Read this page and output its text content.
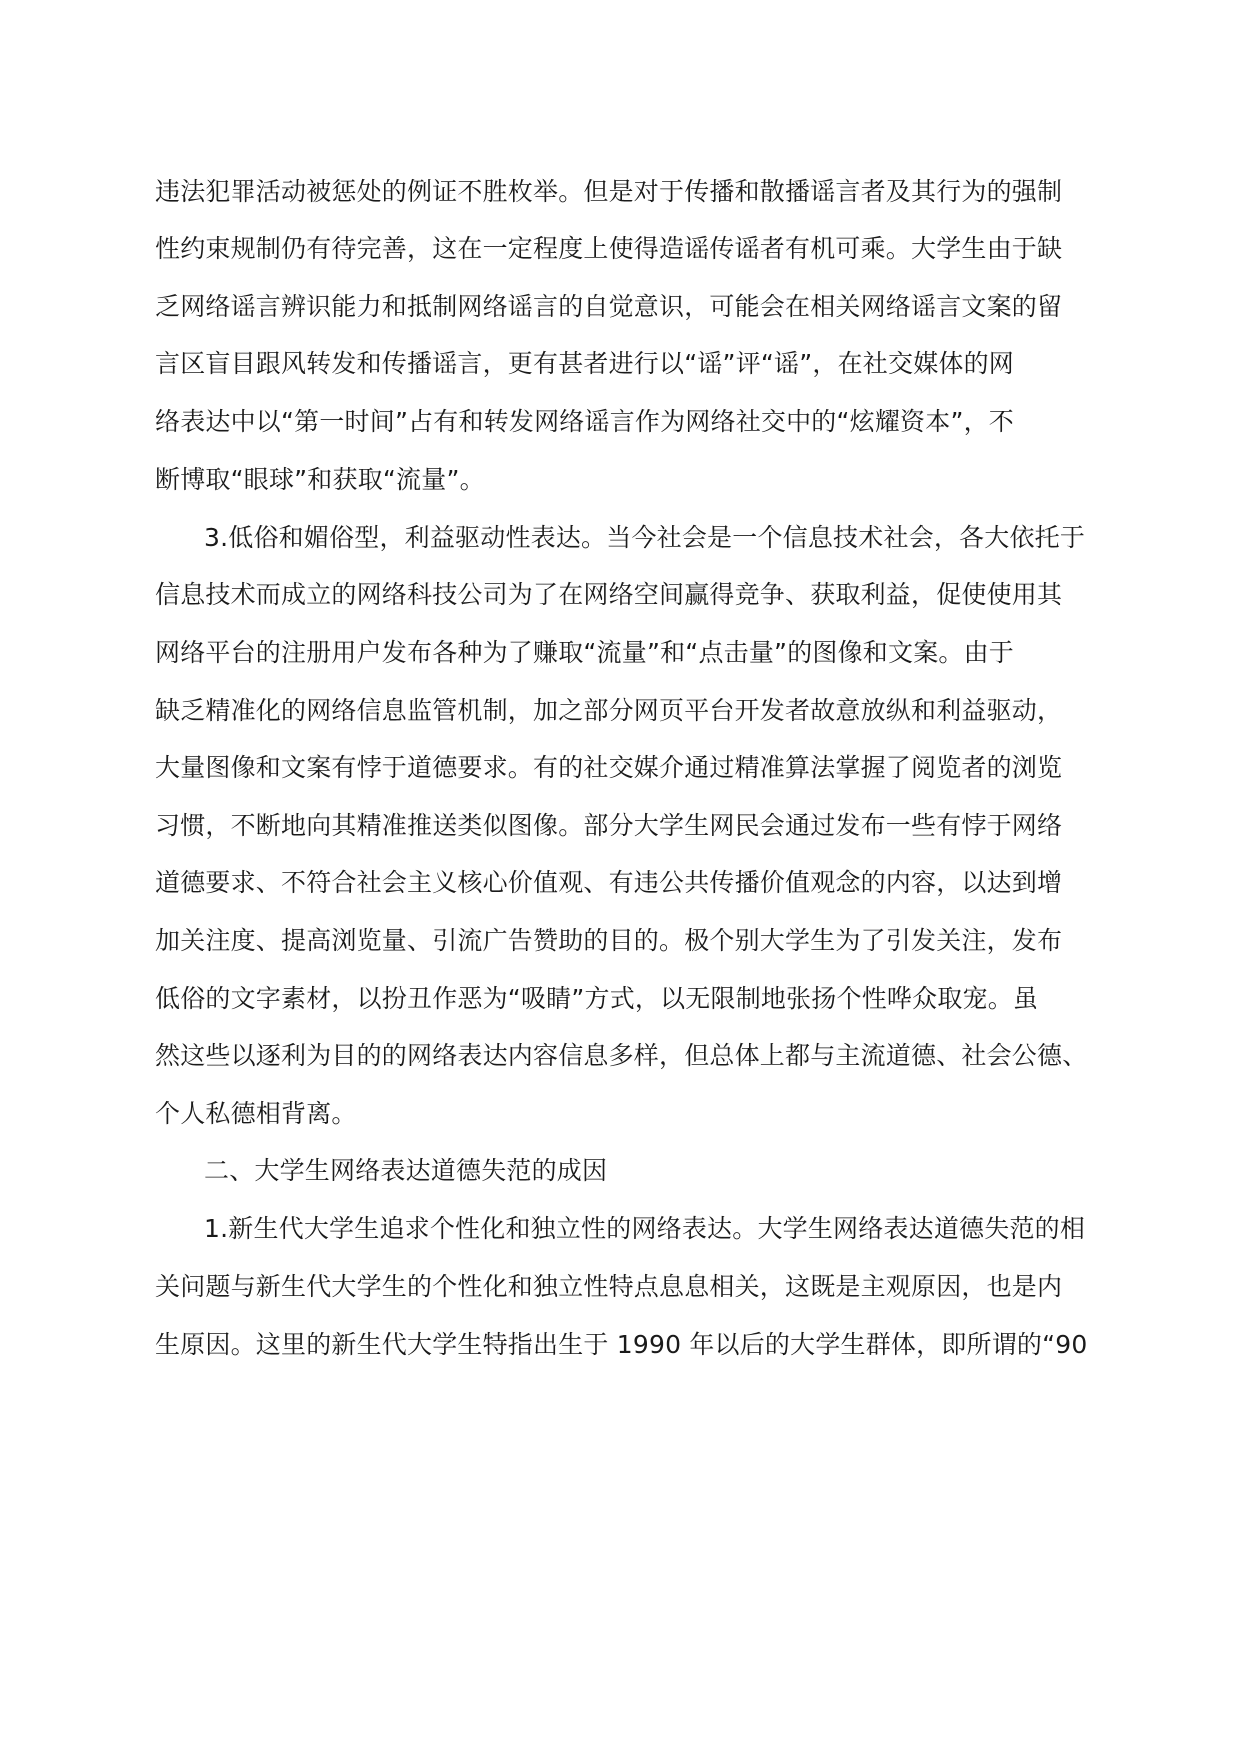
违法犯罪活动被惩处的例证不胜枚举。但是对于传播和散播谣言者及其行为的强制
性约束规制仍有待完善，这在一定程度上使得造谣传谣者有机可乘。大学生由于缺
乏网络谣言辨识能力和抵制网络谣言的自觉意识，可能会在相关网络谣言文案的留
言区盲目跟风转发和传播谣言，更有甚者进行以“谣”评“谣”，在社交媒体的网
络表达中以“第一时间”占有和转发网络谣言作为网络社交中的“炫耀资本”，不
断博取“眼球”和获取“流量”。
3.低俗和媚俗型，利益驱动性表达。当今社会是一个信息技术社会，各大依托于
信息技术而成立的网络科技公司为了在网络空间赢得竞争、获取利益，促使使用其
网络平台的注册用户发布各种为了赚取“流量”和“点击量”的图像和文案。由于
缺乏精准化的网络信息监管机制，加之部分网页平台开发者故意放纵和利益驱动，
大量图像和文案有悖于道德要求。有的社交媒介通过精准算法掌握了阅览者的浏览
习惯，不断地向其精准推送类似图像。部分大学生网民会通过发布一些有悖于网络
道德要求、不符合社会主义核心价值观、有违公共传播价值观念的内容，以达到增
加关注度、提高浏览量、引流广告赞助的目的。极个别大学生为了引发关注，发布
低俗的文字素材，以扮丑作恶为“吸睛”方式，以无限制地张扬个性哗众取宠。虽
然这些以逐利为目的的网络表达内容信息多样，但总体上都与主流道德、社会公德、
个人私德相背离。
二、大学生网络表达道德失范的成因
1.新生代大学生追求个性化和独立性的网络表达。大学生网络表达道德失范的相
关问题与新生代大学生的个性化和独立性特点息息相关，这既是主观原因，也是内
生原因。这里的新生代大学生特指出生于 1990 年以后的大学生群体，即所谓的“90
